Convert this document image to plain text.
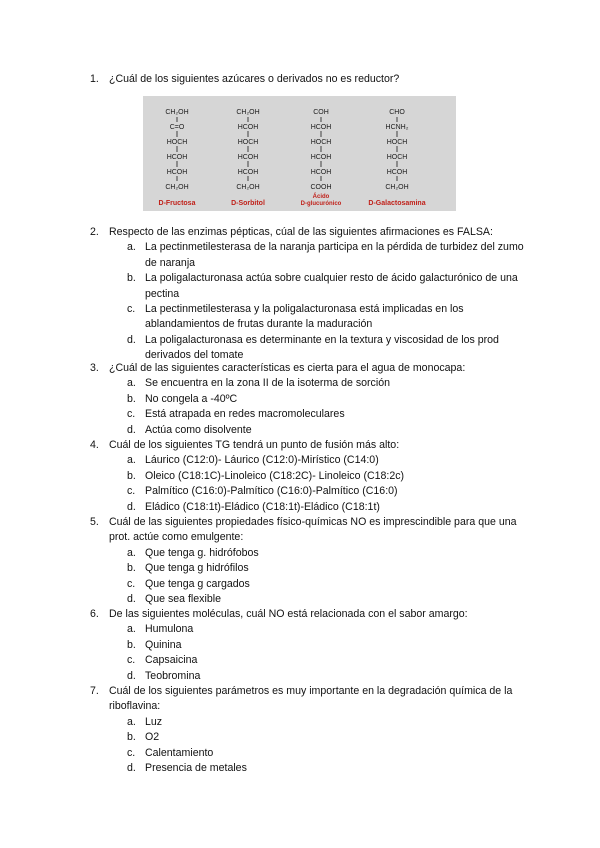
1. ¿Cuál de los siguientes azúcares o derivados no es reductor?
CH₂OH
C=O
HOCH
HCOH
HCOH
CH₂OH
D-Fructosa
CH₂OH
HCOH
HOCH
HCOH
HCOH
CH₂OH
D-Sorbitol
COH
HCOH
HOCH
HCOH
HCOH
COOH
Ácido
D-glucurónico
CHO
HCNH₂
HOCH
HOCH
HCOH
CH₂OH
D-Galactosamina
2. Respecto de las enzimas pépticas, cúal de las siguientes afirmaciones es FALSA:
a. La pectinmetilesterasa de la naranja participa en la pérdida de turbidez del zumo de naranja
b. La poligalacturonasa actúa sobre cualquier resto de ácido galacturónico de una pectina
c. La pectinmetilesterasa y la poligalacturonasa está implicadas en los ablandamientos de frutas durante la maduración
d. La poligalacturonasa es determinante en la textura y viscosidad de los prod derivados del tomate
3. ¿Cuál de las siguientes características es cierta para el agua de monocapa:
a. Se encuentra en la zona II de la isoterma de sorción
b. No congela a -40ºC
c. Está atrapada en redes macromoleculares
d. Actúa como disolvente
4. Cuál de los siguientes TG tendrá un punto de fusión más alto:
a. Láurico (C12:0)- Láurico (C12:0)-Mirístico (C14:0)
b. Oleico (C18:1C)-Linoleico (C18:2C)- Linoleico (C18:2c)
c. Palmítico (C16:0)-Palmítico (C16:0)-Palmítico (C16:0)
d. Eládico (C18:1t)-Eládico (C18:1t)-Eládico (C18:1t)
5. Cuál de las siguientes propiedades físico-químicas NO es imprescindible para que una prot. actúe como emulgente:
a. Que tenga g. hidrófobos
b. Que tenga g hidrófilos
c. Que tenga g cargados
d. Que sea flexible
6. De las siguientes moléculas, cuál NO está relacionada con el sabor amargo:
a. Humulona
b. Quinina
c. Capsaicina
d. Teobromina
7. Cuál de los siguientes parámetros es muy importante en la degradación química de la riboflavina:
a. Luz
b. O2
c. Calentamiento
d. Presencia de metales
